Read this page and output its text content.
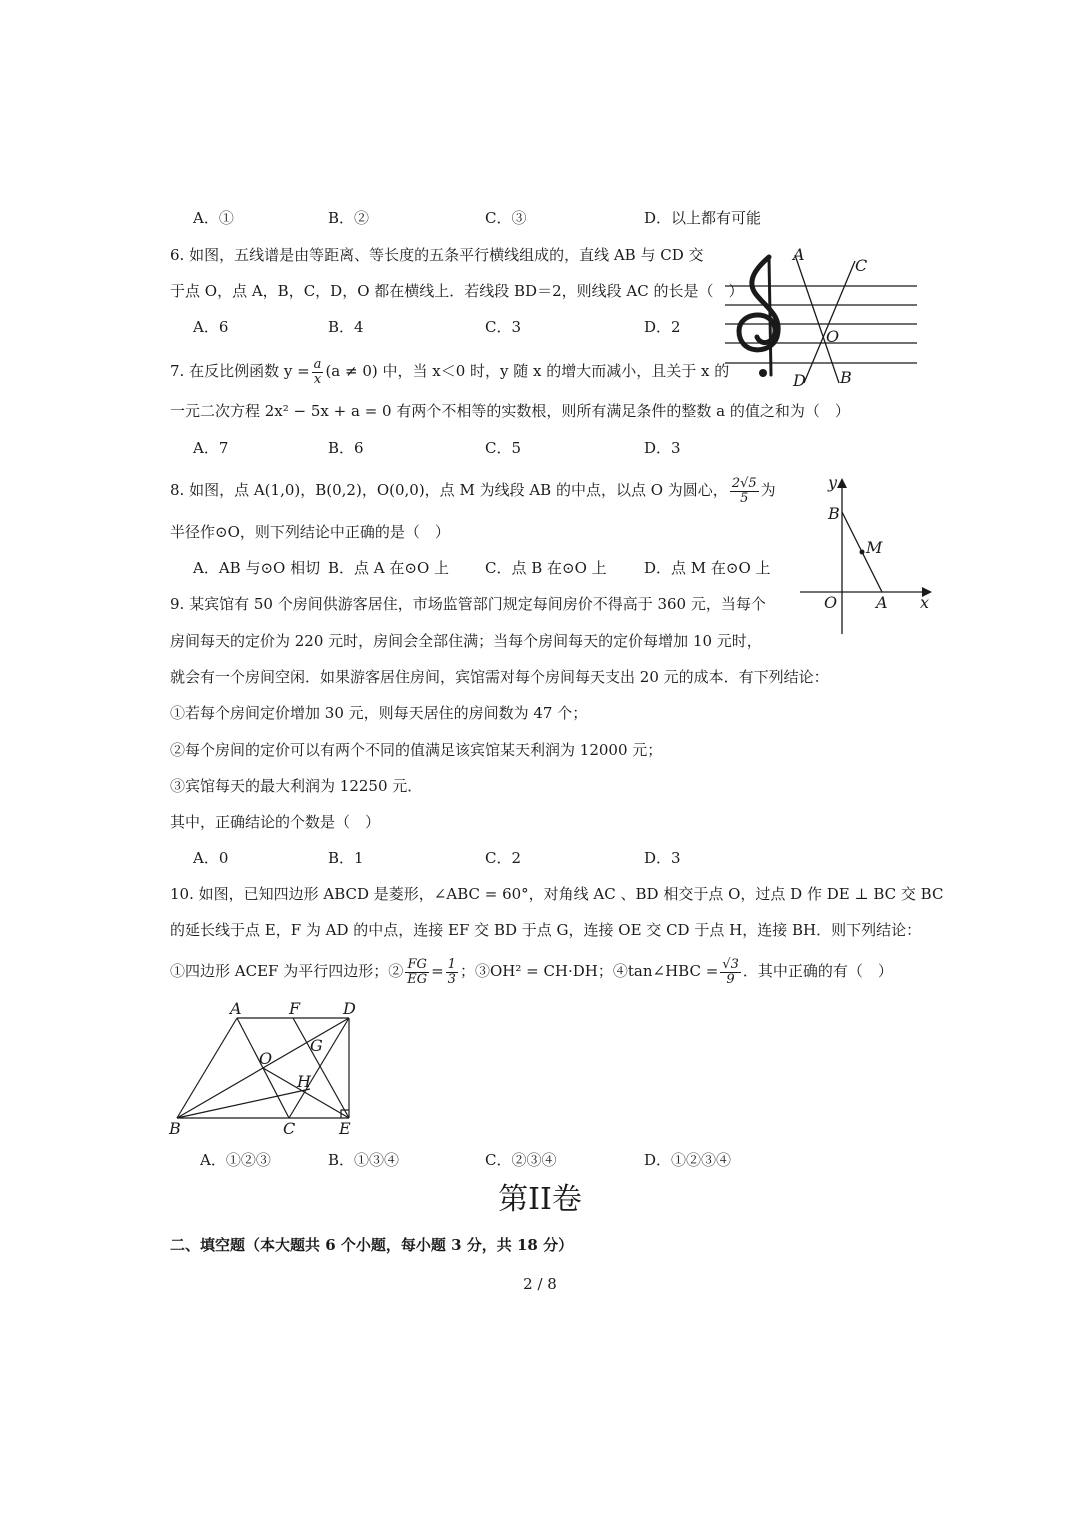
A．①	B．②	C．③	D．以上都有可能
6. 如图，五线谱是由等距离、等长度的五条平行横线组成的，直线 AB 与 CD 交
于点 O，点 A，B，C，D，O 都在横线上．若线段 BD＝2，则线段 AC 的长是（　）
A．6	B．4	C．3	D．2
A
C
O
D B
7. 在反比例函数 $y = \frac{a}{x} (a \ne 0)$ 中，当 x＜0 时，y 随 x 的增大而减小，且关于 x 的
一元二次方程 2x² − 5x + a = 0 有两个不相等的实数根，则所有满足条件的整数 a 的值之和为（　）
A．7	B．6	C．5	D．3
8. 如图，点 A(1,0)，B(0,2)，O(0,0)，点 M 为线段 AB 的中点，以点 O 为圆心， $\frac{2√5}{5}$ 为
半径作⊙O，则下列结论中正确的是（　）
A．AB 与⊙O 相切 B．点 A 在⊙O 上 C．点 B 在⊙O 上 D．点 M 在⊙O 上
y
B
M
O A x
9. 某宾馆有 50 个房间供游客居住，市场监管部门规定每间房价不得高于 360 元，当每个
房间每天的定价为 220 元时，房间会全部住满；当每个房间每天的定价每增加 10 元时，
就会有一个房间空闲．如果游客居住房间，宾馆需对每个房间每天支出 20 元的成本．有下列结论：
①若每个房间定价增加 30 元，则每天居住的房间数为 47 个；
②每个房间的定价可以有两个不同的值满足该宾馆某天利润为 12000 元；
③宾馆每天的最大利润为 12250 元．
其中，正确结论的个数是（　）
A．0	B．1	C．2	D．3
10. 如图，已知四边形 ABCD 是菱形，∠ABC = 60°，对角线 AC 、BD 相交于点 O，过点 D 作 DE ⊥ BC 交 BC
的延长线于点 E，F 为 AD 的中点，连接 EF 交 BD 于点 G，连接 OE 交 CD 于点 H，连接 BH．则下列结论：
①四边形 ACEF 为平行四边形；② $\frac{FG}{EG} = \frac{1}{3}$ ；③OH² = CH·DH；④tan∠HBC = $\frac{√3}{9}$ ．其中正确的有（　）
A	F	D
O
G
H
B	C	E
A．①②③	B．①③④	C．②③④	D．①②③④
第II卷
二、填空题（本大题共 6 个小题，每小题 3 分，共 18 分）
2 / 8
